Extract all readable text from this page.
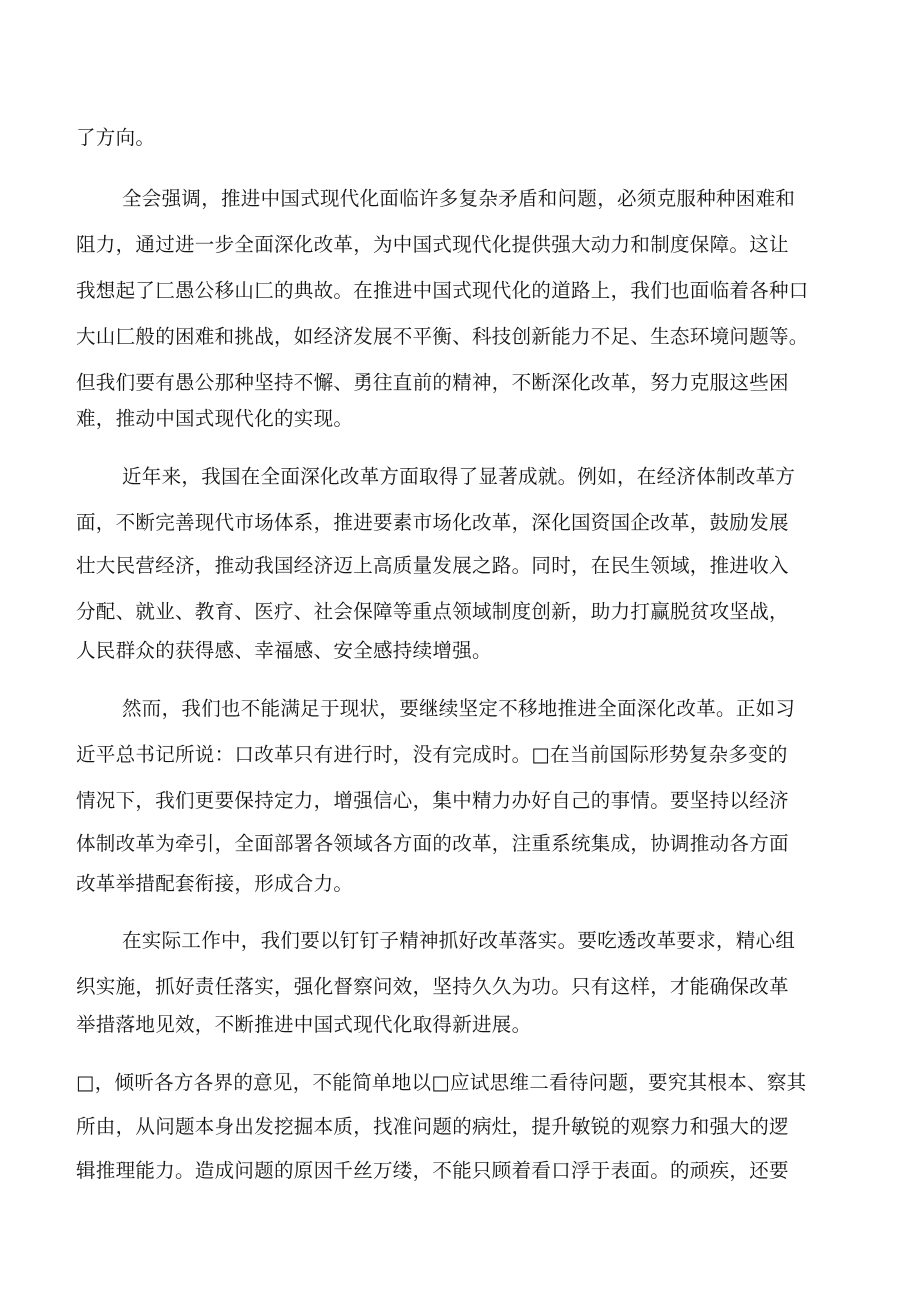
了方向。
全会强调，推进中国式现代化面临许多复杂矛盾和问题，必须克服种种困难和
阻力，通过进一步全面深化改革，为中国式现代化提供强大动力和制度保障。这让
我想起了匚愚公移山匚的典故。在推进中国式现代化的道路上，我们也面临着各种口
大山匚般的困难和挑战，如经济发展不平衡、科技创新能力不足、生态环境问题等。
但我们要有愚公那种坚持不懈、勇往直前的精神，不断深化改革，努力克服这些困
难，推动中国式现代化的实现。
近年来，我国在全面深化改革方面取得了显著成就。例如，在经济体制改革方
面，不断完善现代市场体系，推进要素市场化改革，深化国资国企改革，鼓励发展
壮大民营经济，推动我国经济迈上高质量发展之路。同时，在民生领域，推进收入
分配、就业、教育、医疗、社会保障等重点领域制度创新，助力打赢脱贫攻坚战，
人民群众的获得感、幸福感、安全感持续增强。
然而，我们也不能满足于现状，要继续坚定不移地推进全面深化改革。正如习
近平总书记所说：口改革只有进行时，没有完成时。□在当前国际形势复杂多变的
情况下，我们更要保持定力，增强信心，集中精力办好自己的事情。要坚持以经济
体制改革为牵引，全面部署各领域各方面的改革，注重系统集成，协调推动各方面
改革举措配套衔接，形成合力。
在实际工作中，我们要以钉钉子精神抓好改革落实。要吃透改革要求，精心组
织实施，抓好责任落实，强化督察问效，坚持久久为功。只有这样，才能确保改革
举措落地见效，不断推进中国式现代化取得新进展。
□，倾听各方各界的意见，不能简单地以□应试思维二看待问题，要究其根本、察其
所由，从问题本身出发挖掘本质，找准问题的病灶，提升敏锐的观察力和强大的逻
辑推理能力。造成问题的原因千丝万缕，不能只顾着看口浮于表面。的顽疾，还要
